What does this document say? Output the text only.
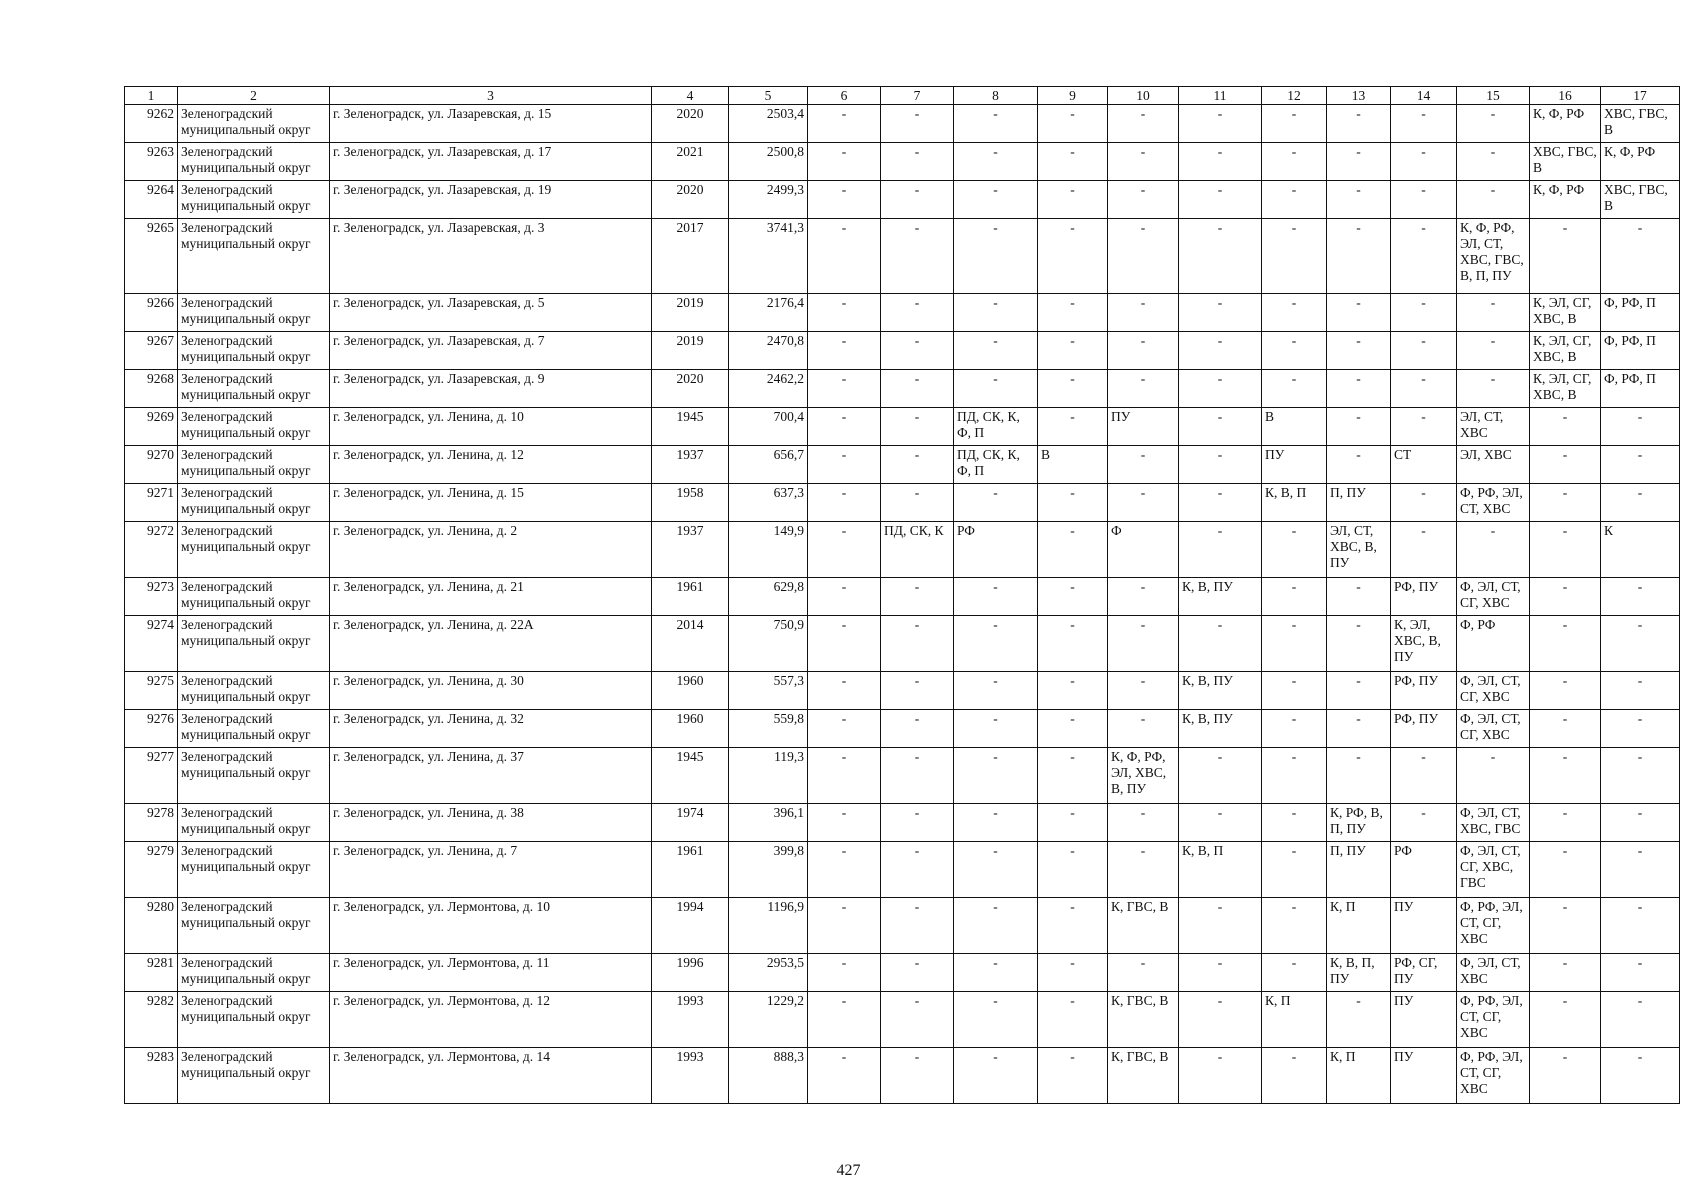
1	2	3	4	5	6	7	8	9	10	11	12	13	14	15	16	17
9262	Зеленоградский муниципальный округ	г. Зеленоградск, ул. Лазаревская, д. 15	2020	2503,4	-	-	-	-	-	-	-	-	-	-	К, Ф, РФ	ХВС, ГВС, В
9263	Зеленоградский муниципальный округ	г. Зеленоградск, ул. Лазаревская, д. 17	2021	2500,8	-	-	-	-	-	-	-	-	-	-	ХВС, ГВС, В	К, Ф, РФ
9264	Зеленоградский муниципальный округ	г. Зеленоградск, ул. Лазаревская, д. 19	2020	2499,3	-	-	-	-	-	-	-	-	-	-	К, Ф, РФ	ХВС, ГВС, В
9265	Зеленоградский муниципальный округ	г. Зеленоградск, ул. Лазаревская, д. 3	2017	3741,3	-	-	-	-	-	-	-	-	-	К, Ф, РФ, ЭЛ, СТ, ХВС, ГВС, В, П, ПУ	-	-
9266	Зеленоградский муниципальный округ	г. Зеленоградск, ул. Лазаревская, д. 5	2019	2176,4	-	-	-	-	-	-	-	-	-	-	К, ЭЛ, СГ, ХВС, В	Ф, РФ, П
9267	Зеленоградский муниципальный округ	г. Зеленоградск, ул. Лазаревская, д. 7	2019	2470,8	-	-	-	-	-	-	-	-	-	-	К, ЭЛ, СГ, ХВС, В	Ф, РФ, П
9268	Зеленоградский муниципальный округ	г. Зеленоградск, ул. Лазаревская, д. 9	2020	2462,2	-	-	-	-	-	-	-	-	-	-	К, ЭЛ, СГ, ХВС, В	Ф, РФ, П
9269	Зеленоградский муниципальный округ	г. Зеленоградск, ул. Ленина, д. 10	1945	700,4	-	-	ПД, СК, К, Ф, П	-	ПУ	-	В	-	-	ЭЛ, СТ, ХВС	-	-
9270	Зеленоградский муниципальный округ	г. Зеленоградск, ул. Ленина, д. 12	1937	656,7	-	-	ПД, СК, К, Ф, П	В	-	-	ПУ	-	СТ	ЭЛ, ХВС	-	-
9271	Зеленоградский муниципальный округ	г. Зеленоградск, ул. Ленина, д. 15	1958	637,3	-	-	-	-	-	-	К, В, П	П, ПУ	-	Ф, РФ, ЭЛ, СТ, ХВС	-	-
9272	Зеленоградский муниципальный округ	г. Зеленоградск, ул. Ленина, д. 2	1937	149,9	-	ПД, СК, К	РФ	-	Ф	-	-	ЭЛ, СТ, ХВС, В, ПУ	-	-	-	К
9273	Зеленоградский муниципальный округ	г. Зеленоградск, ул. Ленина, д. 21	1961	629,8	-	-	-	-	-	К, В, ПУ	-	-	РФ, ПУ	Ф, ЭЛ, СТ, СГ, ХВС	-	-
9274	Зеленоградский муниципальный округ	г. Зеленоградск, ул. Ленина, д. 22А	2014	750,9	-	-	-	-	-	-	-	-	К, ЭЛ, ХВС, В, ПУ	Ф, РФ	-	-
9275	Зеленоградский муниципальный округ	г. Зеленоградск, ул. Ленина, д. 30	1960	557,3	-	-	-	-	-	К, В, ПУ	-	-	РФ, ПУ	Ф, ЭЛ, СТ, СГ, ХВС	-	-
9276	Зеленоградский муниципальный округ	г. Зеленоградск, ул. Ленина, д. 32	1960	559,8	-	-	-	-	-	К, В, ПУ	-	-	РФ, ПУ	Ф, ЭЛ, СТ, СГ, ХВС	-	-
9277	Зеленоградский муниципальный округ	г. Зеленоградск, ул. Ленина, д. 37	1945	119,3	-	-	-	-	К, Ф, РФ, ЭЛ, ХВС, В, ПУ	-	-	-	-	-	-	-
9278	Зеленоградский муниципальный округ	г. Зеленоградск, ул. Ленина, д. 38	1974	396,1	-	-	-	-	-	-	-	К, РФ, В, П, ПУ	-	Ф, ЭЛ, СТ, ХВС, ГВС	-	-
9279	Зеленоградский муниципальный округ	г. Зеленоградск, ул. Ленина, д. 7	1961	399,8	-	-	-	-	-	К, В, П	-	П, ПУ	РФ	Ф, ЭЛ, СТ, СГ, ХВС, ГВС	-	-
9280	Зеленоградский муниципальный округ	г. Зеленоградск, ул. Лермонтова, д. 10	1994	1196,9	-	-	-	-	К, ГВС, В	-	-	К, П	ПУ	Ф, РФ, ЭЛ, СТ, СГ, ХВС	-	-
9281	Зеленоградский муниципальный округ	г. Зеленоградск, ул. Лермонтова, д. 11	1996	2953,5	-	-	-	-	-	-	-	К, В, П, ПУ	РФ, СГ, ПУ	Ф, ЭЛ, СТ, ХВС	-	-
9282	Зеленоградский муниципальный округ	г. Зеленоградск, ул. Лермонтова, д. 12	1993	1229,2	-	-	-	-	К, ГВС, В	-	К, П	-	ПУ	Ф, РФ, ЭЛ, СТ, СГ, ХВС	-	-
9283	Зеленоградский муниципальный округ	г. Зеленоградск, ул. Лермонтова, д. 14	1993	888,3	-	-	-	-	К, ГВС, В	-	-	К, П	ПУ	Ф, РФ, ЭЛ, СТ, СГ, ХВС	-	-
427
